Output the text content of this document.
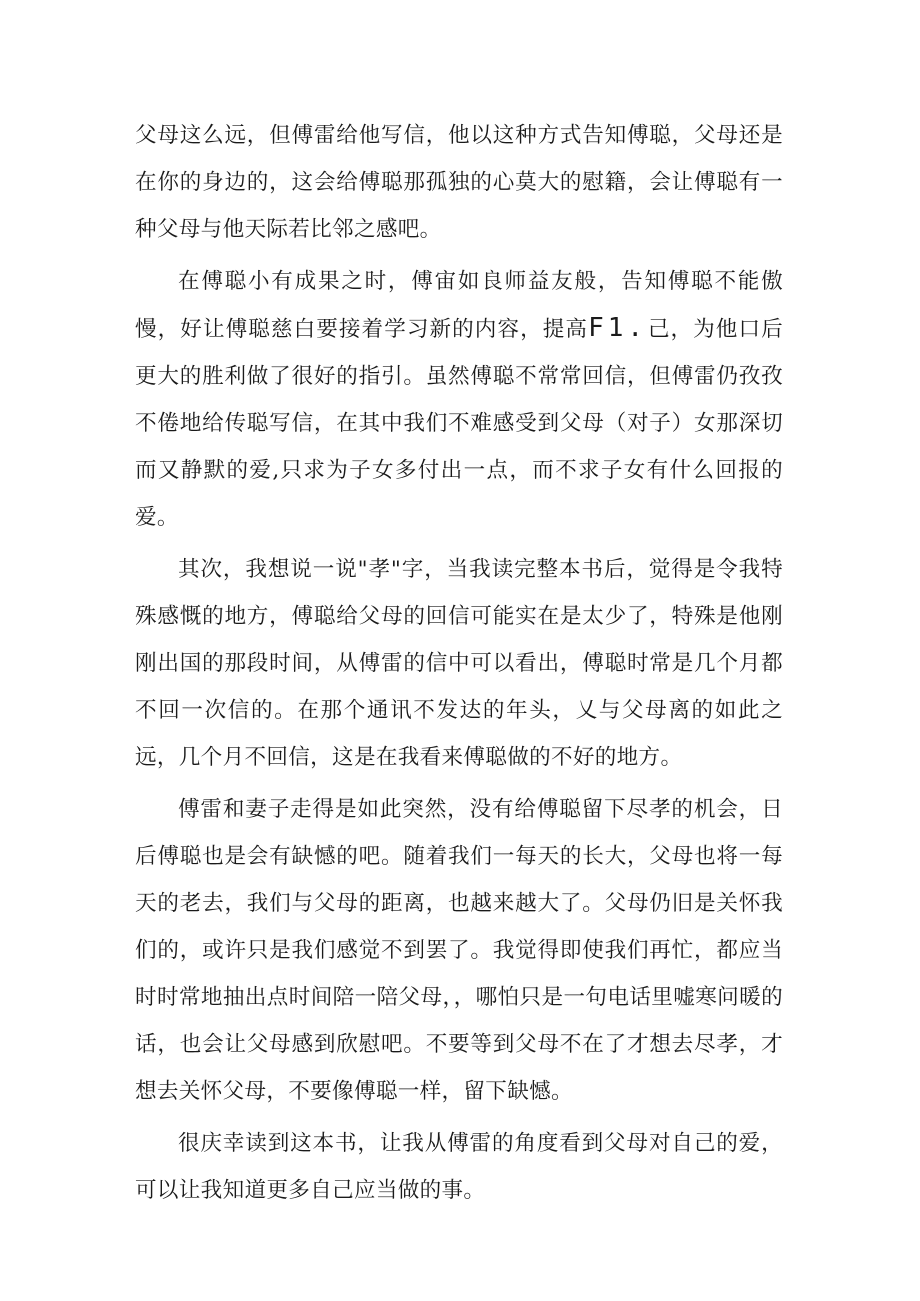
父母这么远，但傅雷给他写信，他以这种方式告知傅聪，父母还是在你的身边的，这会给傅聪那孤独的心莫大的慰籍，会让傅聪有一种父母与他天际若比邻之感吧。

在傅聪小有成果之时，傅宙如良师益友般，告知傅聪不能傲慢，好让傅聪慈白要接着学习新的内容，提高F1.己，为他口后更大的胜利做了很好的指引。虽然傅聪不常常回信，但傅雷仍孜孜不倦地给传聪写信，在其中我们不难感受到父母（对子）女那深切而又静默的爱,只求为子女多付出一点，而不求子女有什么回报的爱。

其次，我想说一说"孝"字，当我读完整本书后，觉得是令我特殊感慨的地方，傅聪给父母的回信可能实在是太少了，特殊是他刚刚出国的那段时间，从傅雷的信中可以看出，傅聪时常是几个月都不回一次信的。在那个通讯不发达的年头，乂与父母离的如此之远，几个月不回信，这是在我看来傅聪做的不好的地方。

傅雷和妻子走得是如此突然，没有给傅聪留下尽孝的机会，日后傅聪也是会有缺憾的吧。随着我们一每天的长大，父母也将一每天的老去，我们与父母的距离，也越来越大了。父母仍旧是关怀我们的，或许只是我们感觉不到罢了。我觉得即使我们再忙，都应当时时常地抽出点时间陪一陪父母，，哪怕只是一句电话里嘘寒问暖的话，也会让父母感到欣慰吧。不要等到父母不在了才想去尽孝，才想去关怀父母，不要像傅聪一样，留下缺憾。

很庆幸读到这本书，让我从傅雷的角度看到父母对自己的爱，可以让我知道更多自己应当做的事。
